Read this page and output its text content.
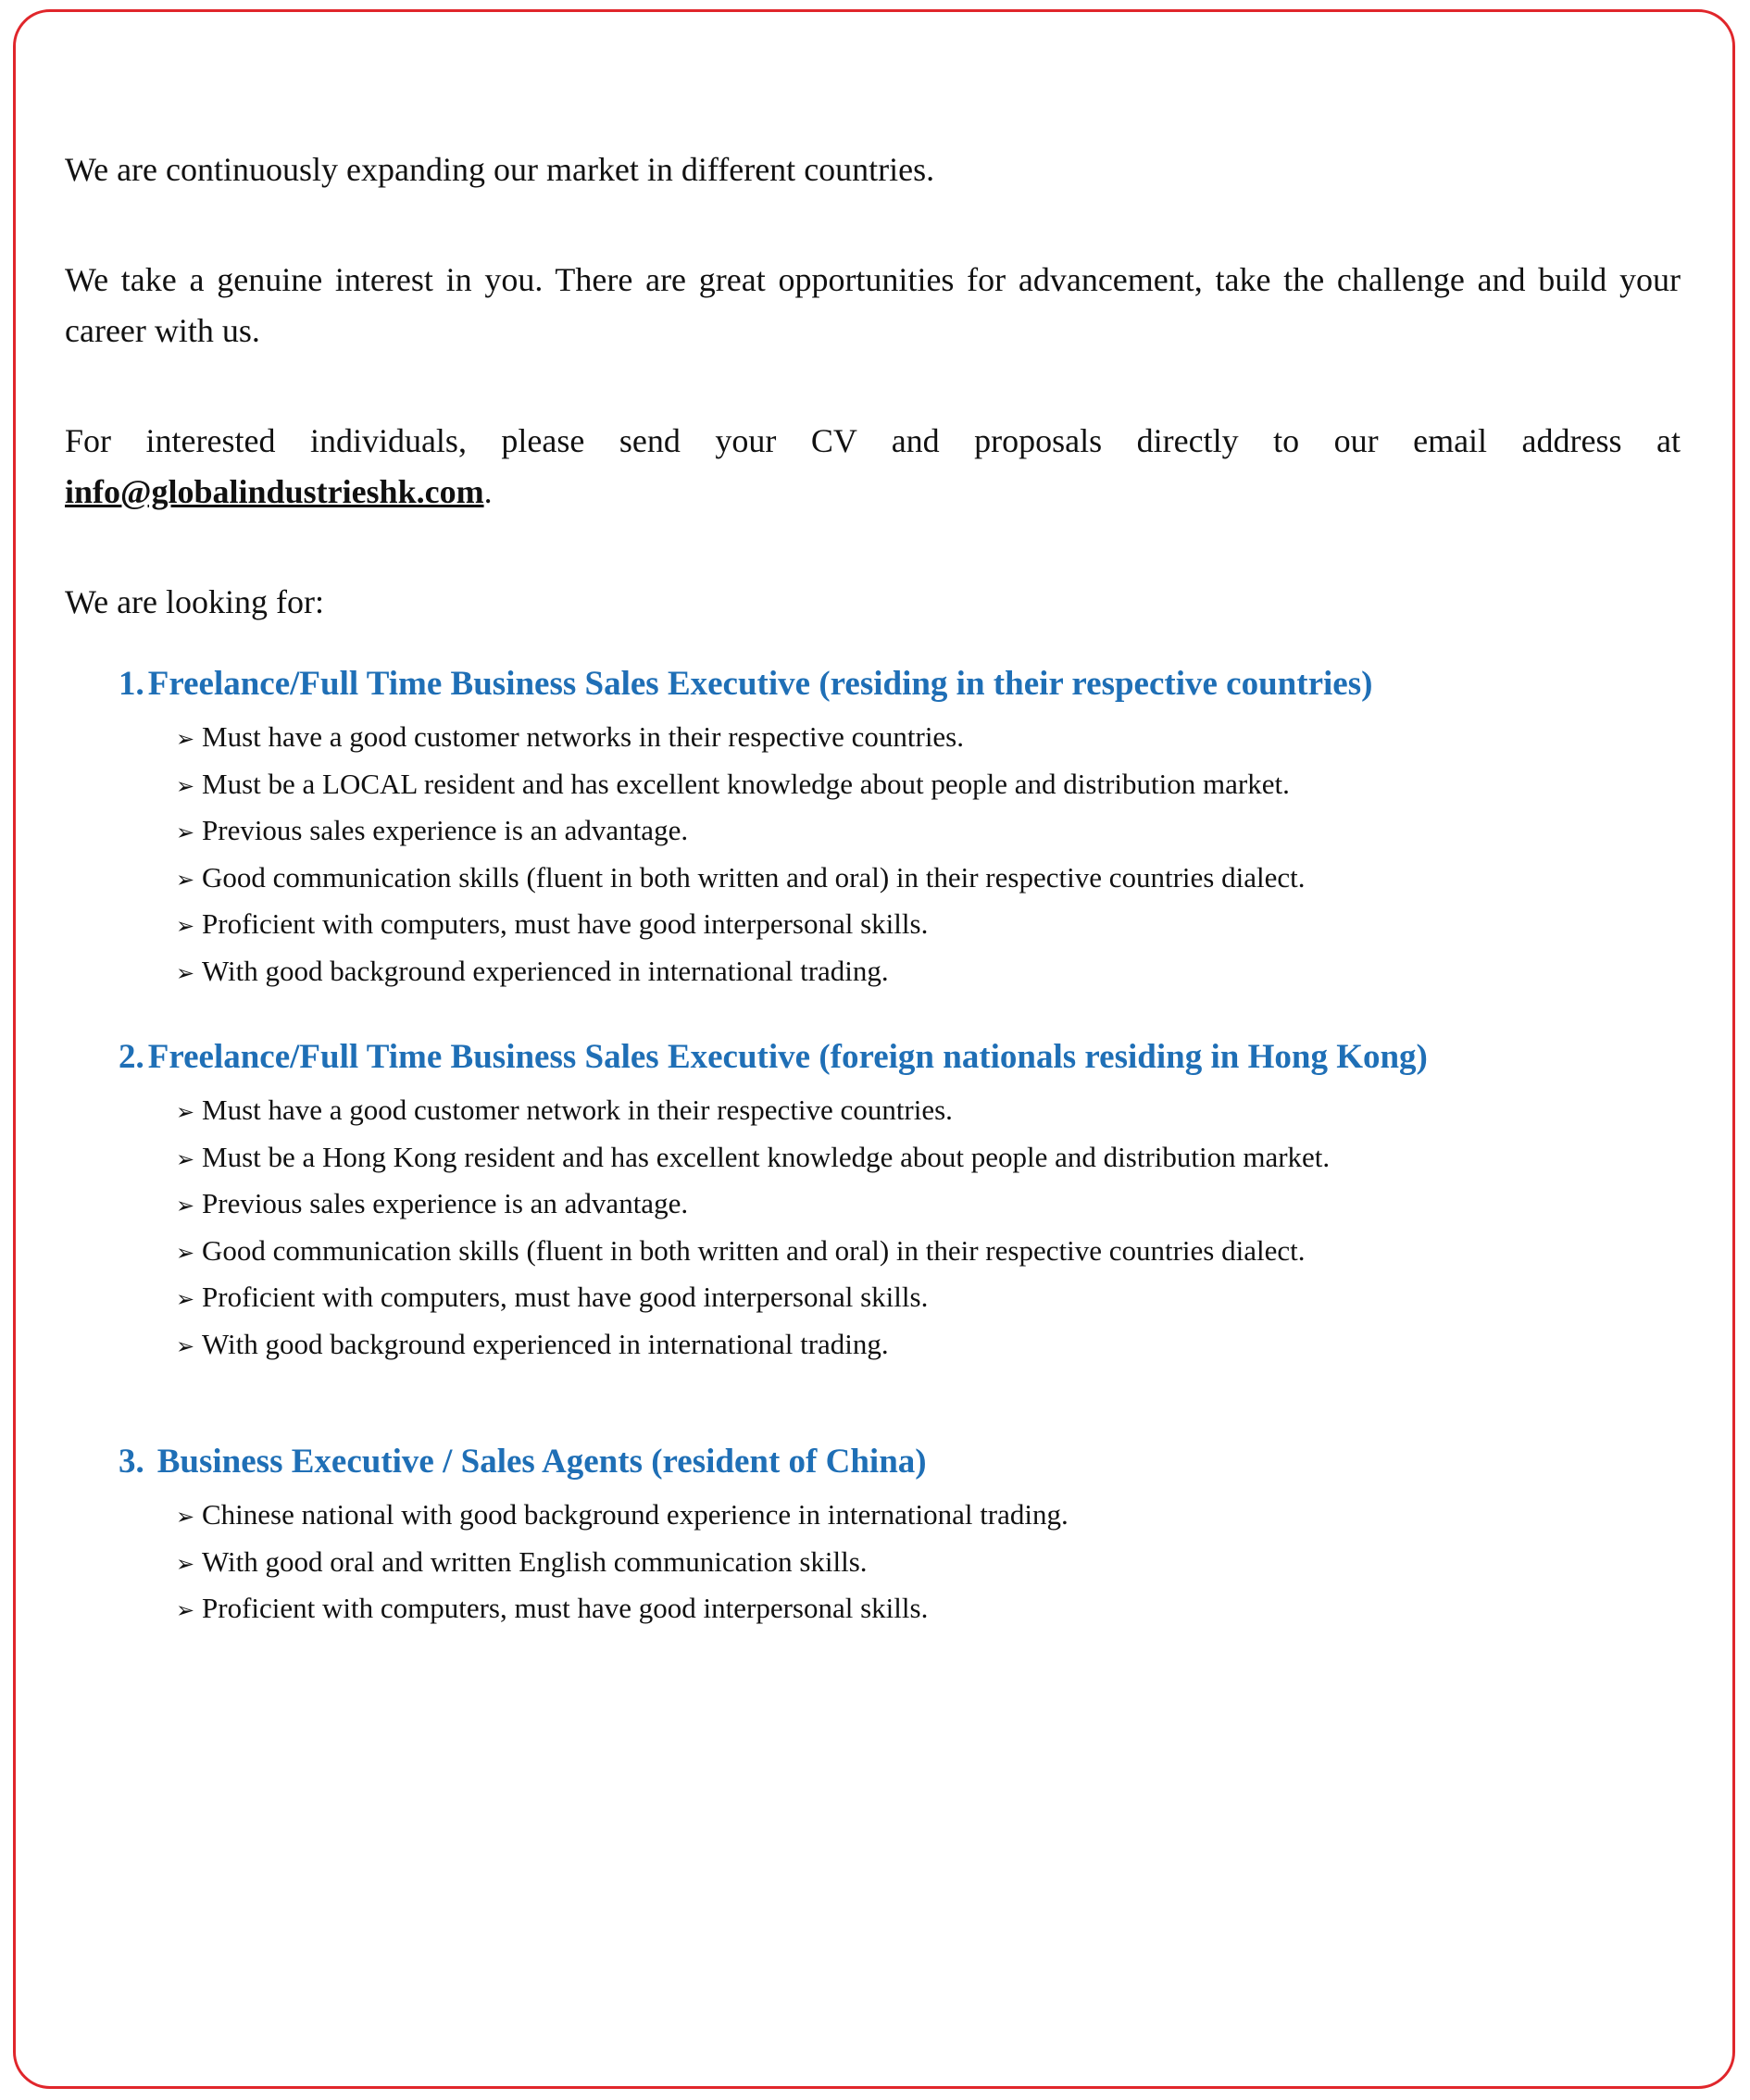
We are continuously expanding our market in different countries.

We take a genuine interest in you. There are great opportunities for advancement, take the challenge and build your career with us.

For interested individuals, please send your CV and proposals directly to our email address at info@globalindustrieshk.com.

We are looking for:

1. Freelance/Full Time Business Sales Executive (residing in their respective countries)
➢ Must have a good customer networks in their respective countries.
➢ Must be a LOCAL resident and has excellent knowledge about people and distribution market.
➢ Previous sales experience is an advantage.
➢ Good communication skills (fluent in both written and oral) in their respective countries dialect.
➢ Proficient with computers, must have good interpersonal skills.
➢ With good background experienced in international trading.
2. Freelance/Full Time Business Sales Executive (foreign nationals residing in Hong Kong)
➢ Must have a good customer network in their respective countries.
➢ Must be a Hong Kong resident and has excellent knowledge about people and distribution market.
➢ Previous sales experience is an advantage.
➢ Good communication skills (fluent in both written and oral) in their respective countries dialect.
➢ Proficient with computers, must have good interpersonal skills.
➢ With good background experienced in international trading.
3. Business Executive / Sales Agents (resident of China)
➢ Chinese national with good background experience in international trading.
➢ With good oral and written English communication skills.
➢ Proficient with computers, must have good interpersonal skills.
